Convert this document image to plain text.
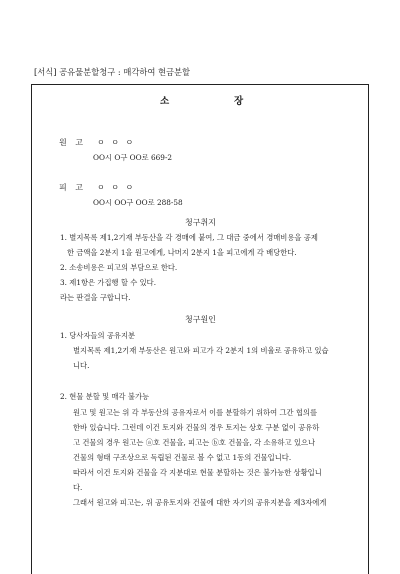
[서식] 공유물분할청구 : 매각하여 현금분할
소	장
원 고 ㅇ ㅇ ㅇ
OO시 O구 OO로 669-2
피 고 ㅇ ㅇ ㅇ
OO시 OO구 OO로 288-58
청구취지
1. 별지목록 제1,2기재 부동산을 각 경매에 붙여, 그 대금 중에서 경매비용을 공제
한 금액을 2분지 1을 원고에게, 나머지 2분지 1을 피고에게 각 배당한다.
2. 소송비용은 피고의 부담으로 한다.
3. 제1항은 가집행 할 수 있다.
라는 판결을 구합니다.
청구원인
1. 당사자들의 공유지분
별지목록 제1,2기재 부동산은 원고와 피고가 각 2분지 1의 비율로 공유하고 있습
니다.
2. 현물 분할 및 매각 불가능
원고 및 원고는 위 각 부동산의 공유자로서 이를 분할하기 위하여 그간 협의를
한바 있습니다. 그런데 이건 토지와 건물의 경우 토지는 상호 구분 없이 공유하
고 건물의 경우 원고는 ⓐ호 건물을, 피고는 ⓑ호 건물을, 각 소유하고 있으나
건물의 형태 구조상으로 독립된 건물로 볼 수 없고 1동의 건물입니다.
따라서 이건 토지와 건물을 각 지분대로 현물 분할하는 것은 불가능한 상황입니
다.
그래서 원고와 피고는, 위 공유토지와 건물에 대한 자기의 공유지분을 제3자에게
